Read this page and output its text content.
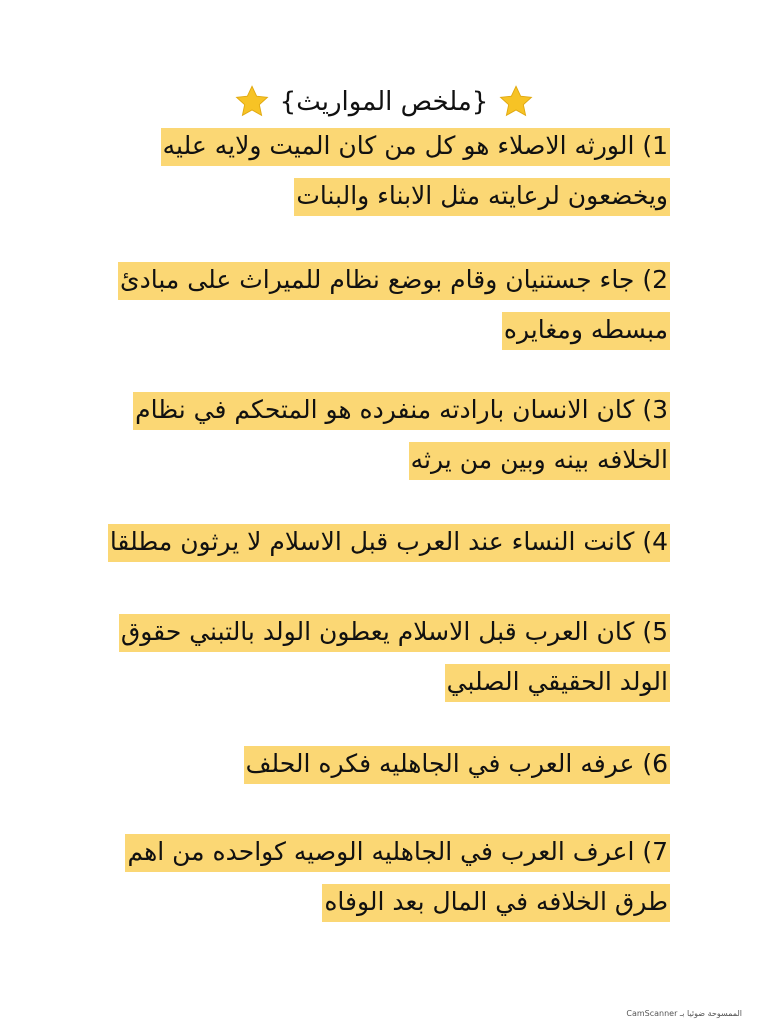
{ملخص المواريث}
1) الورثه الاصلاء هو كل من كان الميت ولايه عليه
ويخضعون لرعايته مثل الابناء والبنات
2) جاء جستنيان وقام بوضع نظام للميراث على مبادئ
مبسطه ومغايره
3) كان الانسان بارادته منفرده هو المتحكم في نظام
الخلافه بينه وبين من يرثه
4) كانت النساء عند العرب قبل الاسلام لا يرثون مطلقا
5) كان العرب قبل الاسلام يعطون الولد بالتبني حقوق
الولد الحقيقي الصلبي
6) عرفه العرب في الجاهليه فكره الحلف
7) اعرف العرب في الجاهليه الوصيه كواحده من اهم
طرق الخلافه في المال بعد الوفاه
الممسوحة ضوئيا بـ CamScanner
